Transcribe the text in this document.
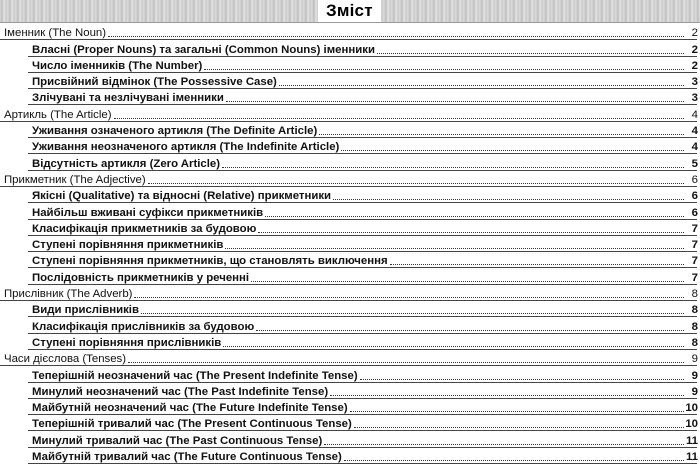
Зміст
Іменник (The Noun)	2
Власні (Proper Nouns) та загальні (Common Nouns) іменники	2
Число іменників (The Number)	2
Присвійний відмінок (The Possessive Case)	3
Злічувані та незлічувані іменники	3
Артикль (The Article)	4
Уживання означеного артикля (The Definite Article)	4
Уживання неозначеного артикля (The Indefinite Article)	4
Відсутність артикля (Zero Article)	5
Прикметник (The Adjective)	6
Якісні (Qualitative) та відносні (Relative) прикметники	6
Найбільш вживані суфікси прикметників	6
Класифікація прикметників за будовою	7
Ступені порівняння прикметників	7
Ступені порівняння прикметників, що становлять виключення	7
Послідовність прикметників у реченні	7
Прислівник (The Adverb)	8
Види прислівників	8
Класифікація прислівників за будовою	8
Ступені порівняння прислівників	8
Часи дієслова (Tenses)	9
Теперішній неозначений час (The Present Indefinite Tense)	9
Минулий неозначений час (The Past Indefinite Tense)	9
Майбутній неозначений час (The Future Indefinite Tense)	10
Теперішній тривалий час (The Present Continuous Tense)	10
Минулий тривалий час (The Past Continuous Tense)	11
Майбутній тривалий час (The Future Continuous Tense)	11
